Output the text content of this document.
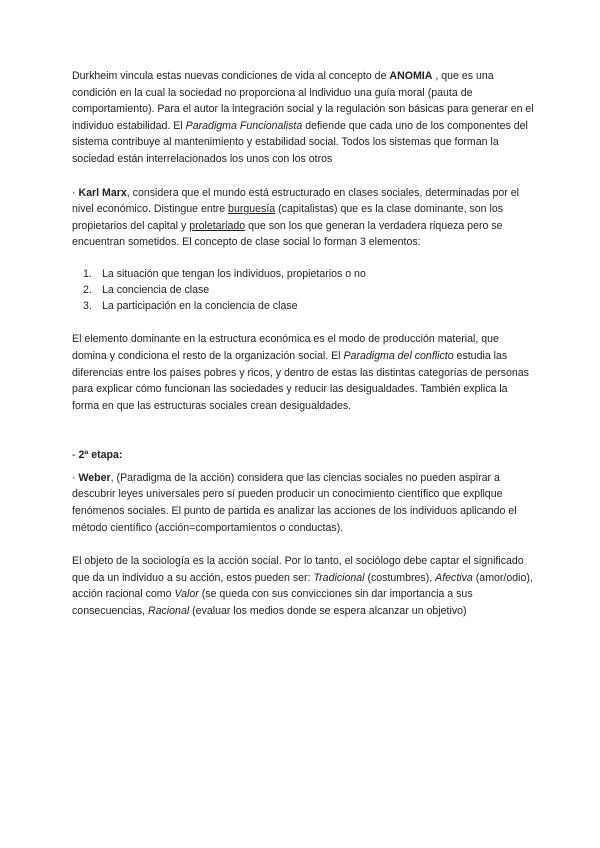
Durkheim vincula estas nuevas condiciones de vida al concepto de ANOMIA , que es una condición en la cual la sociedad no proporciona al individuo una guía moral (pauta de comportamiento). Para el autor la integración social y la regulación son básicas para generar en el individuo estabilidad. El Paradigma Funcionalista defiende que cada uno de los componentes del sistema contribuye al mantenimiento y estabilidad social. Todos los sistemas que forman la sociedad están interrelacionados los unos con los otros

· Karl Marx, considera que el mundo está estructurado en clases sociales, determinadas por el nivel económico. Distingue entre burguesía (capitalistas) que es la clase dominante, son los propietarios del capital y proletariado que son los que generan la verdadera riqueza pero se encuentran sometidos. El concepto de clase social lo forman 3 elementos:

1. La situación que tengan los individuos, propietarios o no
2. La conciencia de clase
3. La participación en la conciencia de clase

El elemento dominante en la estructura económica es el modo de producción material, que domina y condiciona el resto de la organización social. El Paradigma del conflicto estudia las diferencias entre los países pobres y ricos, y dentro de estas las distintas categorías de personas para explicar cómo funcionan las sociedades y reducir las desigualdades. También explica la forma en que las estructuras sociales crean desigualdades.

- 2ª etapa:

· Weber, (Paradigma de la acción) considera que las ciencias sociales no pueden aspirar a descubrir leyes universales pero sí pueden producir un conocimiento científico que explique fenómenos sociales. El punto de partida es analizar las acciones de los individuos aplicando el método científico (acción=comportamientos o conductas).

El objeto de la sociología es la acción social. Por lo tanto, el sociólogo debe captar el significado que da un individuo a su acción, estos pueden ser: Tradicional (costumbres), Afectiva (amor/odio), acción racional como Valor (se queda con sus convicciones sin dar importancia a sus consecuencias, Racional (evaluar los medios donde se espera alcanzar un objetivo)
